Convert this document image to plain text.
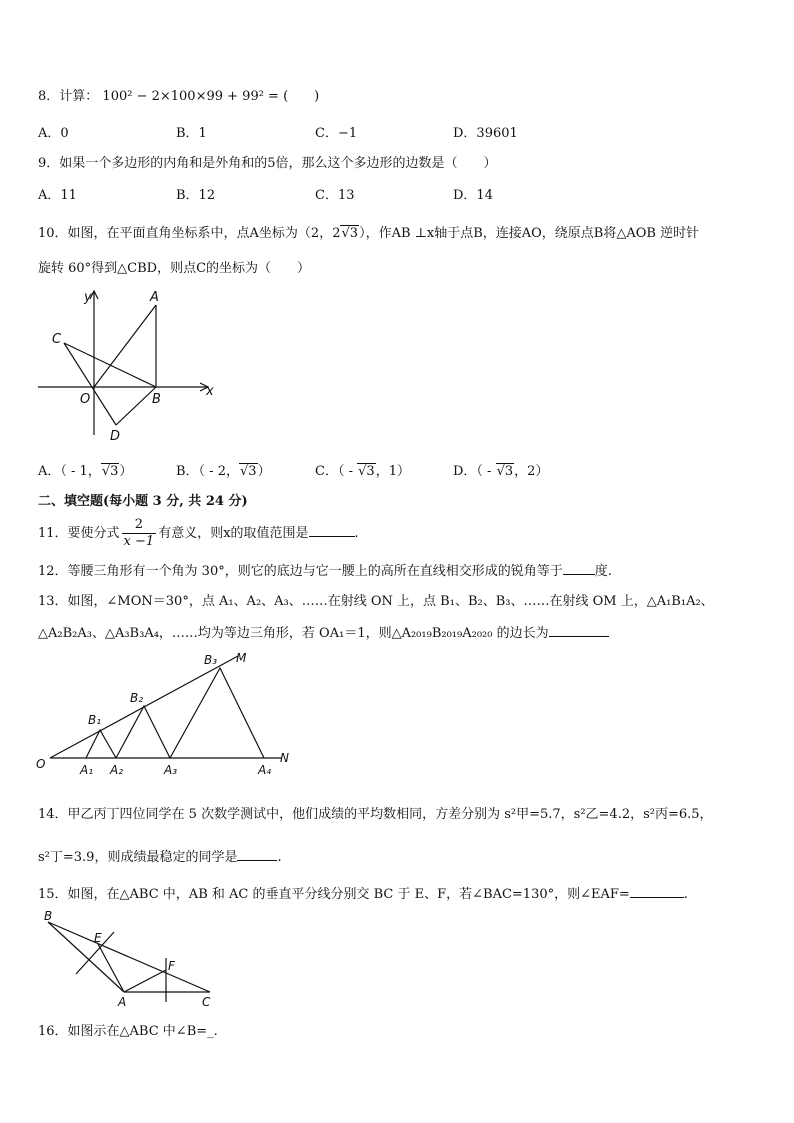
8．计算： 100² − 2×100×99 + 99² = (　　)
A．0	B．1	C．−1	D．39601
9．如果一个多边形的内角和是外角和的5倍，那么这个多边形的边数是（　　）
A．11	B．12	C．13	D．14
10．如图，在平面直角坐标系中，点A坐标为（2，2√3），作AB ⊥x轴于点B，连接AO，绕原点B将△AOB 逆时针
旋转 60°得到△CBD，则点C的坐标为（　　）
y	A
C
O	B
x
D
A．（ - 1，√3）	B．（ - 2，√3）	C．（ - √3，1）	D．（ - √3，2）
二、填空题(每小题 3 分, 共 24 分)
11．要使分式 $\frac{2}{x -1}$ 有意义，则x的取值范围是	.
12．等腰三角形有一个角为 30°，则它的底边与它一腰上的高所在直线相交形成的锐角等于 度.
13．如图，∠MON＝30°，点 A₁、A₂、A₃、……在射线 ON 上，点 B₁、B₂、B₃、……在射线 OM 上，△A₁B₁A₂、
△A₂B₂A₃、△A₃B₃A₄，……均为等边三角形，若 OA₁＝1，则△A₂₀₁₉B₂₀₁₉A₂₀₂₀ 的边长为
O	A₁ A₂	A₃	A₄
N
B₁
B₂
B₃ M
14．甲乙丙丁四位同学在 5 次数学测试中，他们成绩的平均数相同，方差分别为 s²甲=5.7，s²乙=4.2，s²丙=6.5，
s²丁=3.9，则成绩最稳定的同学是	.
15．如图，在△ABC 中，AB 和 AC 的垂直平分线分别交 BC 于 E、F，若∠BAC=130°，则∠EAF=	.
B
E
F
A	C
16．如图示在△ABC 中∠B=_.
